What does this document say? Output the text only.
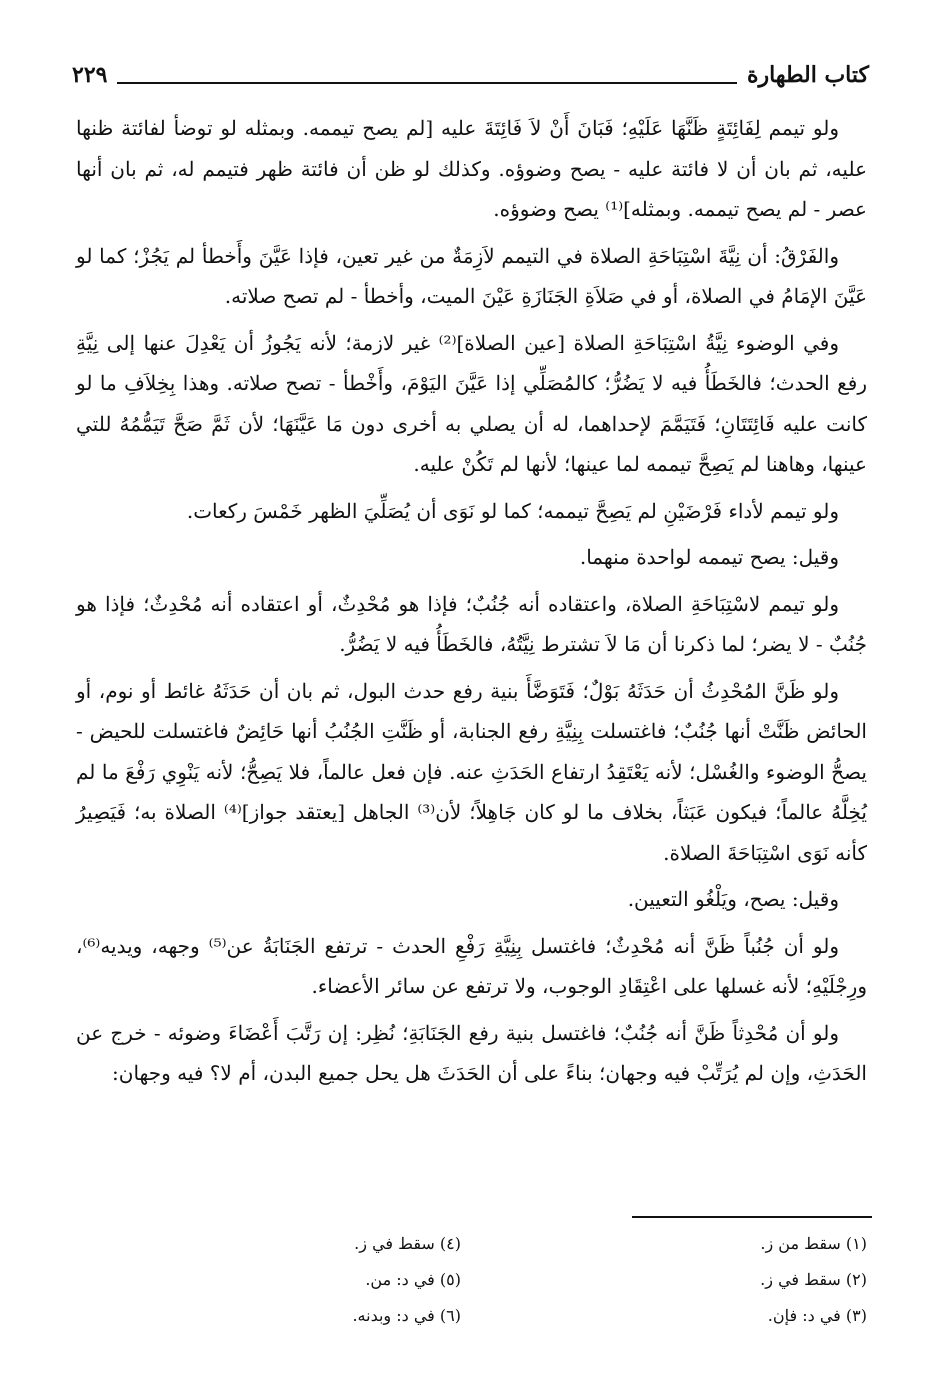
كتاب الطهارة
٢٢٩

ولو تيمم لِفَائِتَةٍ ظَنَّهَا عَلَيْهِ؛ فَبَانَ أَنْ لاَ فَائِتَةَ عليه [لم يصح تيممه. وبمثله لو توضأ لفائتة ظنها عليه، ثم بان أن لا فائتة عليه - يصح وضوؤه. وكذلك لو ظن أن فائتة ظهر فتيمم له، ثم بان أنها عصر - لم يصح تيممه. وبمثله]⁽¹⁾ يصح وضوؤه.

والفَرْقُ: أن نِيَّةَ اسْتِبَاحَةِ الصلاة في التيمم لاَزِمَةٌ من غير تعين، فإذا عَيَّنَ وأَخطأ لم يَجُزْ؛ كما لو عَيَّنَ الإمَامُ في الصلاة، أو في صَلاَةِ الجَنَازَةِ عَيْنَ الميت، وأخطأ - لم تصح صلاته.

وفي الوضوء نِيَّةُ اسْتِبَاحَةِ الصلاة [عين الصلاة]⁽²⁾ غير لازمة؛ لأنه يَجُوزُ أن يَعْدِلَ عنها إلى نِيَّةِ رفع الحدث؛ فالخَطَأُ فيه لا يَضُرُّ؛ كالمُصَلِّي إذا عَيَّنَ اليَوْمَ، وأَخْطأ - تصح صلاته. وهذا بِخِلاَفِ ما لو كانت عليه فَائِتَتَانِ؛ فَتَيَمَّمَ لإحداهما، له أن يصلي به أخرى دون مَا عَيَّنَهَا؛ لأن ثَمَّ صَحَّ تَيَمُّمُهُ للتي عينها، وهاهنا لم يَصِحَّ تيممه لما عينها؛ لأنها لم تَكُنْ عليه.

ولو تيمم لأداء فَرْضَيْنِ لم يَصِحَّ تيممه؛ كما لو نَوَى أن يُصَلِّيَ الظهر خَمْسَ ركعات.

وقيل: يصح تيممه لواحدة منهما.

ولو تيمم لاسْتِبَاحَةِ الصلاة، واعتقاده أنه جُنُبٌ؛ فإذا هو مُحْدِثٌ، أو اعتقاده أنه مُحْدِثٌ؛ فإذا هو جُنُبٌ - لا يضر؛ لما ذكرنا أن مَا لاَ تشترط نِيَّتُهُ، فالخَطَأُ فيه لا يَضُرُّ.

ولو ظَنَّ المُحْدِثُ أن حَدَثَهُ بَوْلٌ؛ فَتَوَضَّأَ بنية رفع حدث البول، ثم بان أن حَدَثَهُ غائط أو نوم، أو الحائض ظَنَّتْ أنها جُنُبٌ؛ فاغتسلت بِنِيَّةِ رفع الجنابة، أو ظَنَّتِ الجُنُبُ أنها حَائِضٌ فاغتسلت للحيض - يصحُّ الوضوء والغُسْل؛ لأنه يَعْتَقِدُ ارتفاع الحَدَثِ عنه. فإن فعل عالماً، فلا يَصِحُّ؛ لأنه يَنْوِي رَفْعَ ما لم يُخِلَّهُ عالماً؛ فيكون عَبَثاً، بخلاف ما لو كان جَاهِلاً؛ لأن⁽³⁾ الجاهل [يعتقد جواز]⁽⁴⁾ الصلاة به؛ فَيَصِيرُ كأنه نَوَى اسْتِبَاحَةَ الصلاة.

وقيل: يصح، ويَلْغُو التعيين.

ولو أن جُنُباً ظَنَّ أنه مُحْدِثٌ؛ فاغتسل بِنِيَّةِ رَفْعِ الحدث - ترتفع الجَنَابَةُ عن⁽⁵⁾ وجهه، ويديه⁽⁶⁾، ورِجْلَيْهِ؛ لأنه غسلها على اعْتِقَادِ الوجوب، ولا ترتفع عن سائر الأعضاء.

ولو أن مُحْدِثاً ظَنَّ أنه جُنُبٌ؛ فاغتسل بنية رفع الجَنَابَةِ؛ نُظِر: إن رَتَّبَ أَعْضَاءَ وضوئه - خرج عن الحَدَثِ، وإن لم يُرَتِّبْ فيه وجهان؛ بناءً على أن الحَدَثَ هل يحل جميع البدن، أم لا؟ فيه وجهان:

(١) سقط من ز.
(٢) سقط في ز.
(٣) في د: فإن.
(٤) سقط في ز.
(٥) في د: من.
(٦) في د: وبدنه.
